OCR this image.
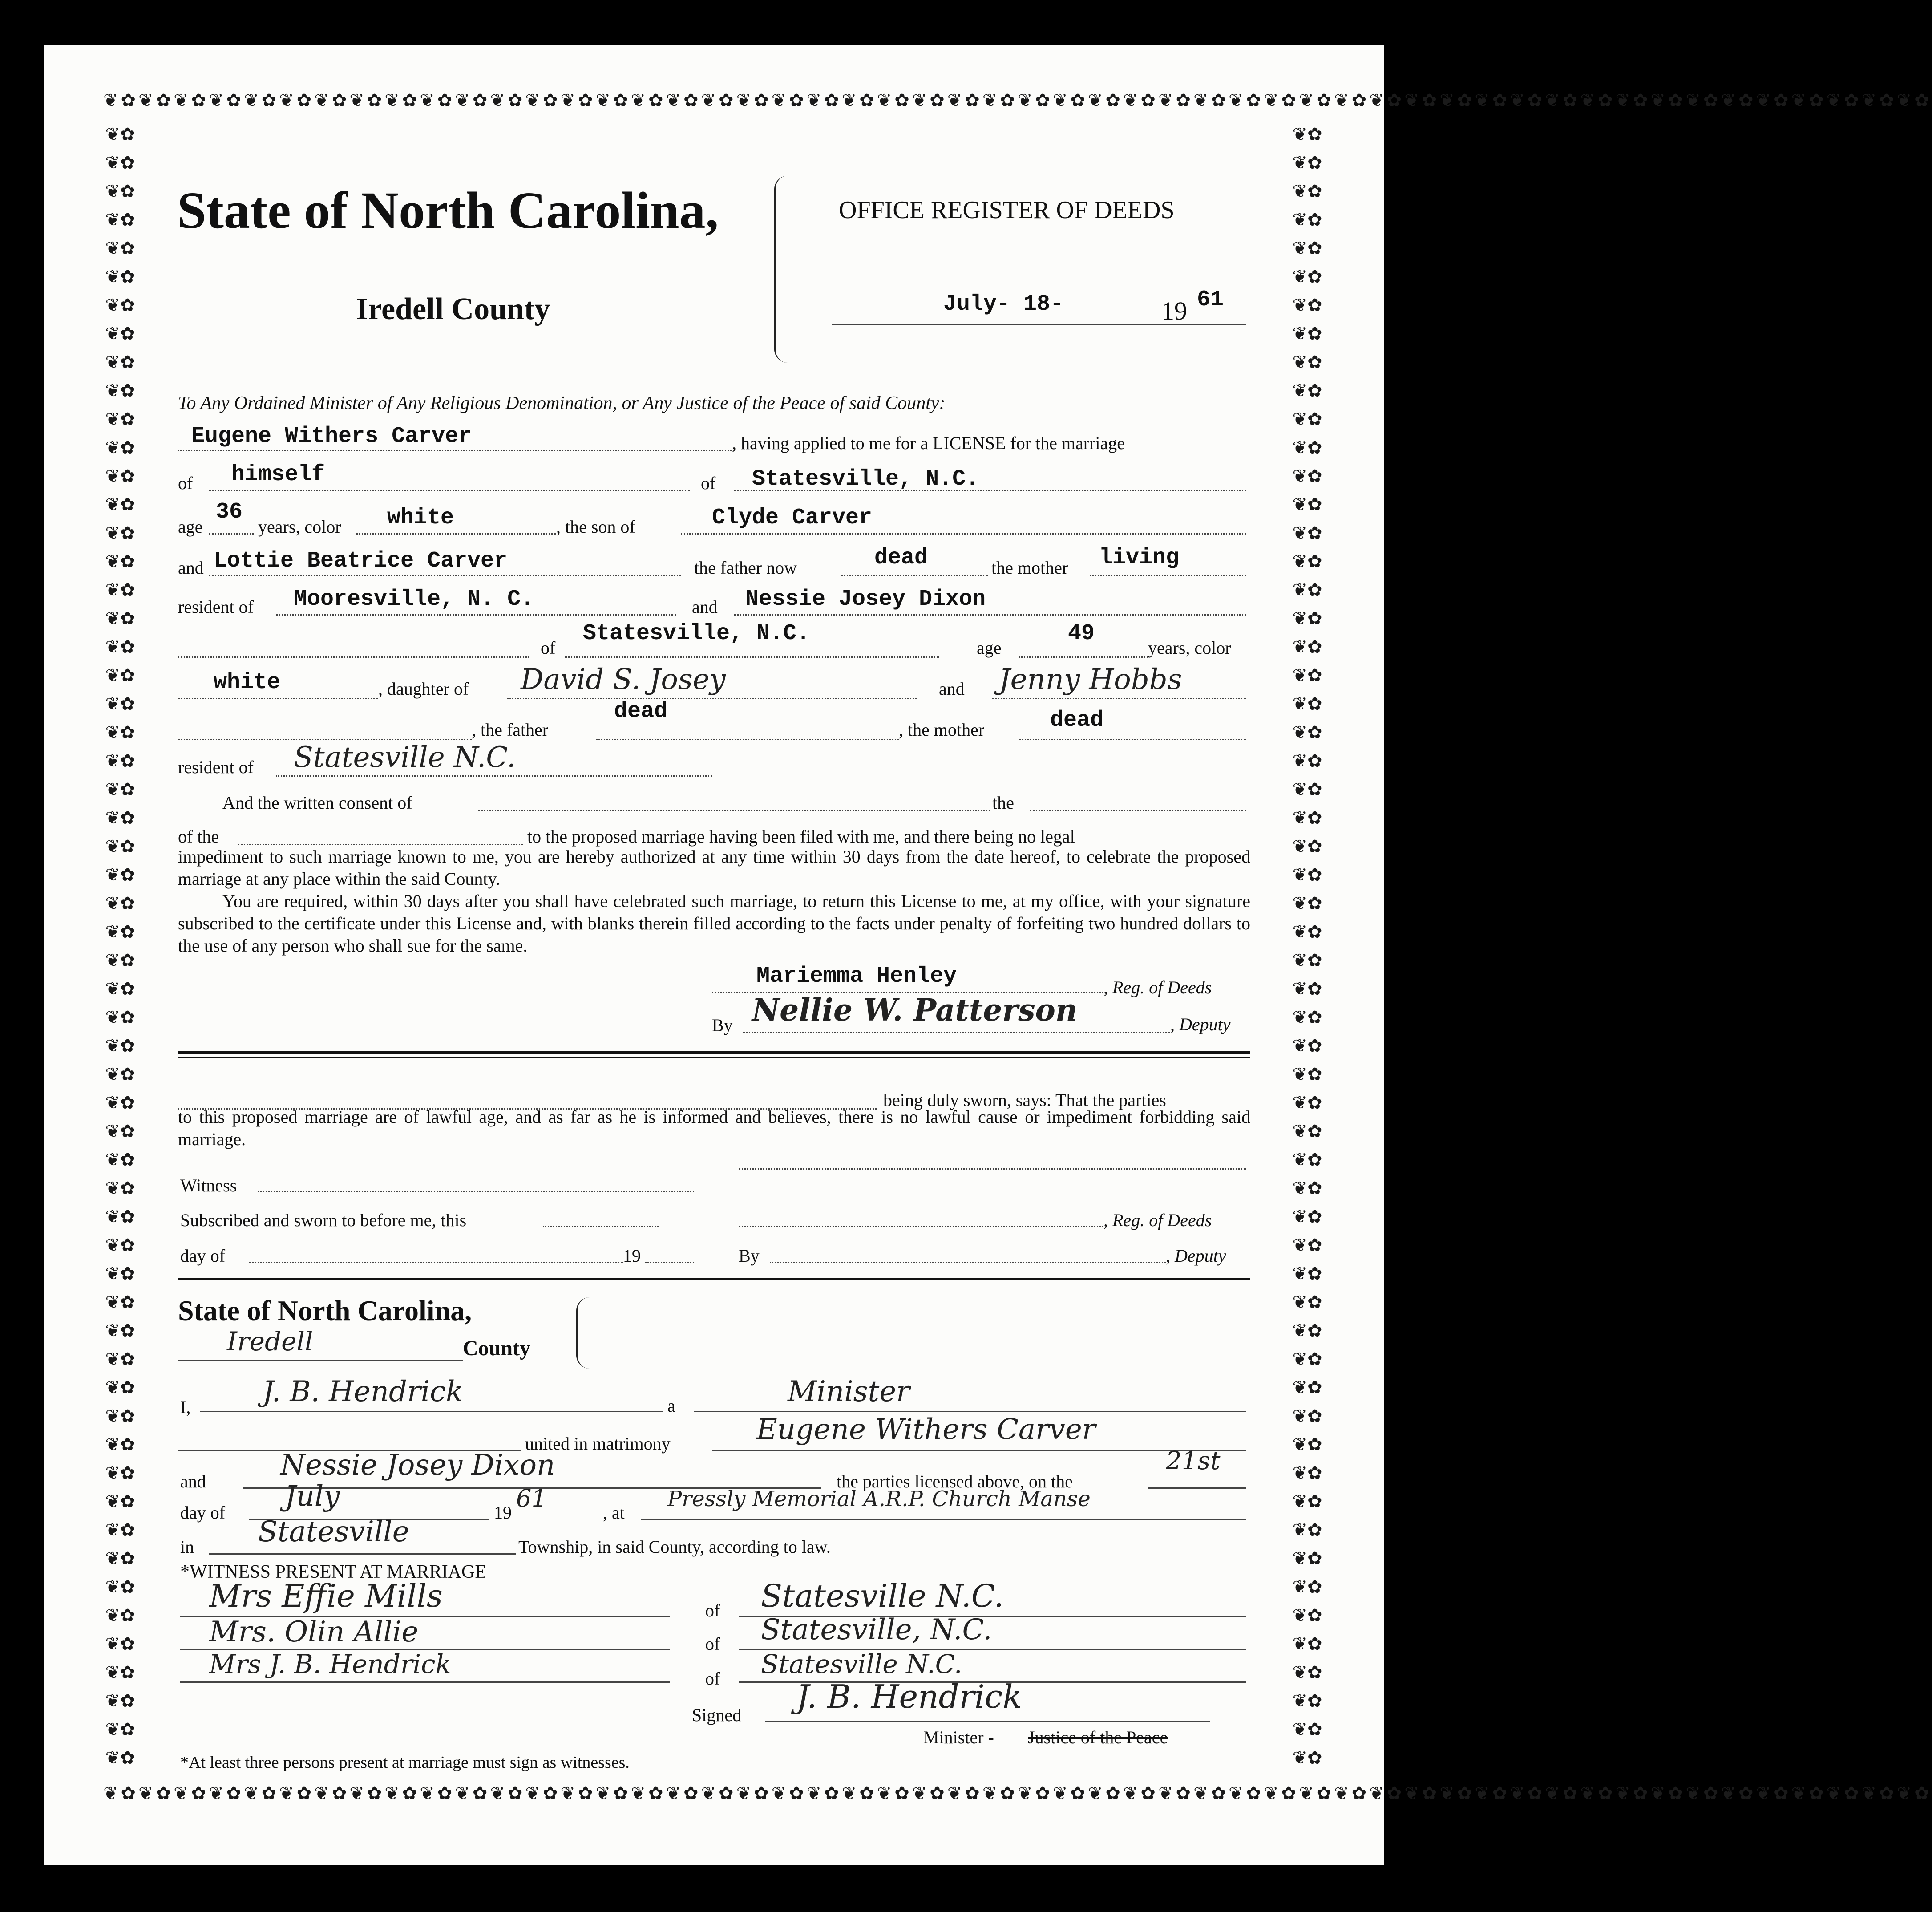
❦✿❦✿❦✿❦✿❦✿❦✿❦✿❦✿❦✿❦✿❦✿❦✿❦✿❦✿❦✿❦✿❦✿❦✿❦✿❦✿❦✿❦✿❦✿❦✿❦✿❦✿❦✿❦✿❦✿❦✿❦✿❦✿❦✿❦✿❦✿❦✿❦✿❦✿❦✿❦✿❦✿❦✿❦✿❦✿❦✿❦✿❦✿❦✿❦✿❦✿❦✿❦✿
❦✿❦✿❦✿❦✿❦✿❦✿❦✿❦✿❦✿❦✿❦✿❦✿❦✿❦✿❦✿❦✿❦✿❦✿❦✿❦✿❦✿❦✿❦✿❦✿❦✿❦✿❦✿❦✿❦✿❦✿❦✿❦✿❦✿❦✿❦✿❦✿❦✿❦✿❦✿❦✿❦✿❦✿❦✿❦✿❦✿❦✿❦✿❦✿❦✿❦✿❦✿❦✿
❦✿❦✿❦✿❦✿❦✿❦✿❦✿❦✿❦✿❦✿❦✿❦✿❦✿❦✿❦✿❦✿❦✿❦✿❦✿❦✿❦✿❦✿❦✿❦✿❦✿❦✿❦✿❦✿❦✿❦✿❦✿❦✿❦✿❦✿❦✿❦✿❦✿❦✿❦✿❦✿❦✿❦✿❦✿❦✿❦✿❦✿❦✿❦✿❦✿❦✿❦✿❦✿❦✿❦✿❦✿❦✿❦✿❦✿
❦✿❦✿❦✿❦✿❦✿❦✿❦✿❦✿❦✿❦✿❦✿❦✿❦✿❦✿❦✿❦✿❦✿❦✿❦✿❦✿❦✿❦✿❦✿❦✿❦✿❦✿❦✿❦✿❦✿❦✿❦✿❦✿❦✿❦✿❦✿❦✿❦✿❦✿❦✿❦✿❦✿❦✿❦✿❦✿❦✿❦✿❦✿❦✿❦✿❦✿❦✿❦✿❦✿❦✿❦✿❦✿❦✿❦✿
State of North Carolina,
Iredell County
OFFICE REGISTER OF DEEDS
July- 18-	19 61
To Any Ordained Minister of Any Religious Denomination, or Any Justice of the Peace of said County:
Eugene Withers Carver	, having applied to me for a LICENSE for the marriage
of himself	of Statesville, N.C.
age
36
years, color white	, the son of	Clyde Carver
and Lottie Beatrice Carver	the father now	dead	the mother living
resident of Mooresville, N. C.	and Nessie Josey Dixon
of
Statesville, N.C.
age
49
years, color
white	, daughter of David S. Josey	and Jenny Hobbs
, the father
dead
, the mother	dead
resident of Statesville N.C.
And the written consent of	the
of the	to the proposed marriage having been filed with me, and there being no legal
impediment to such marriage known to me, you are hereby authorized at any time within 30 days from the date hereof, to celebrate the proposed marriage at any place within the said County.
You are required, within 30 days after you shall have celebrated such marriage, to return this License to me, at my office, with your signature subscribed to the certificate under this License and, with blanks therein filled according to the facts under penalty of forfeiting two hundred dollars to the use of any person who shall sue for the same.
Mariemma Henley	, Reg. of Deeds
By Nellie W. Patterson	, Deputy
being duly sworn, says: That the parties
to this proposed marriage are of lawful age, and as far as he is informed and believes, there is no lawful cause or impediment forbidding said marriage.
Witness
Subscribed and sworn to before me, this	, Reg. of Deeds
day of	19	By	, Deputy
State of North Carolina,
Iredell	County
I,	J. B. Hendrick	a	Minister
united in matrimony	Eugene Withers Carver
and	Nessie Josey Dixon	the parties licensed above, on the
21st
day of July	19
61
, at
Pressly Memorial A.R.P. Church Manse
in Statesville	Township, in said County, according to law.
*WITNESS PRESENT AT MARRIAGE
Mrs Effie Mills	of Statesville N.C.
Mrs. Olin Allie	of Statesville, N.C.
Mrs J. B. Hendrick	of Statesville N.C.
Signed J. B. Hendrick
Minister - Justice of the Peace
*At least three persons present at marriage must sign as witnesses.
